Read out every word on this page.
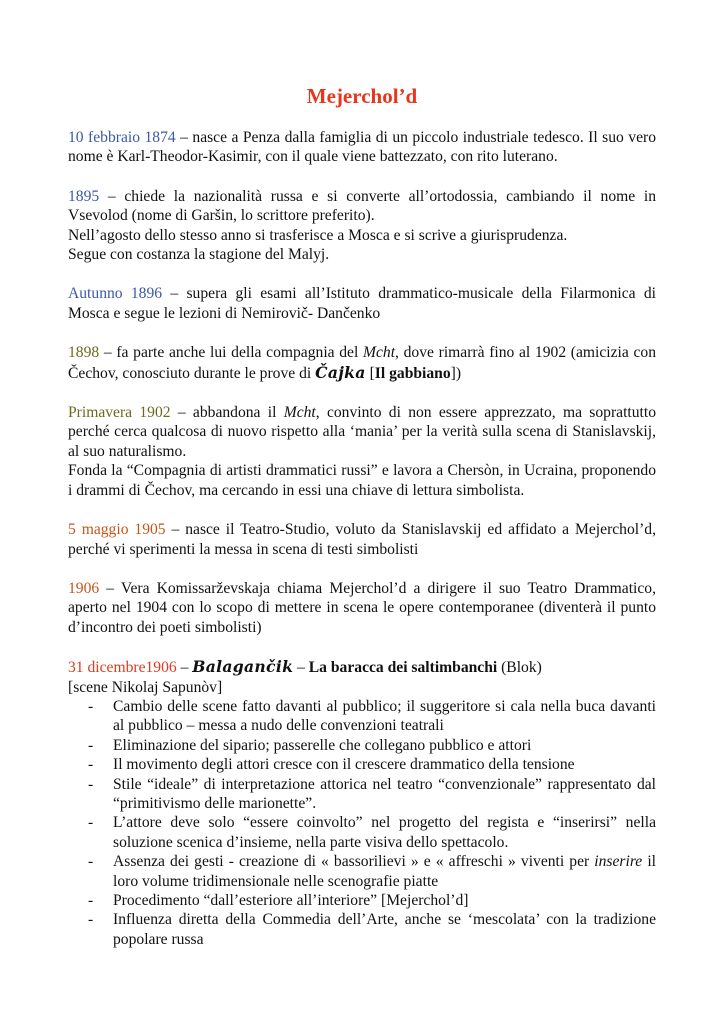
Mejerchol’d

10 febbraio 1874 – nasce a Penza dalla famiglia di un piccolo industriale tedesco. Il suo vero nome è Karl-Theodor-Kasimir, con il quale viene battezzato, con rito luterano.

1895 – chiede la nazionalità russa e si converte all’ortodossia, cambiando il nome in Vsevolod (nome di Garšin, lo scrittore preferito).

Nell’agosto dello stesso anno si trasferisce a Mosca e si scrive a giurisprudenza.

Segue con costanza la stagione del Malyj.

Autunno 1896 – supera gli esami all’Istituto drammatico-musicale della Filarmonica di Mosca e segue le lezioni di Nemirovič- Dančenko

1898 – fa parte anche lui della compagnia del Mcht, dove rimarrà fino al 1902 (amicizia con Čechov, conosciuto durante le prove di Čajka [Il gabbiano])

Primavera 1902 – abbandona il Mcht, convinto di non essere apprezzato, ma soprattutto perché cerca qualcosa di nuovo rispetto alla ‘mania’ per la verità sulla scena di Stanislavskij, al suo naturalismo.

Fonda la “Compagnia di artisti drammatici russi” e lavora a Chersòn, in Ucraina, proponendo i drammi di Čechov, ma cercando in essi una chiave di lettura simbolista.

5 maggio 1905 – nasce il Teatro-Studio, voluto da Stanislavskij ed affidato a Mejerchol’d, perché vi sperimenti la messa in scena di testi simbolisti

1906 – Vera Komissarževskaja chiama Mejerchol’d a dirigere il suo Teatro Drammatico, aperto nel 1904 con lo scopo di mettere in scena le opere contemporanee (diventerà il punto d’incontro dei poeti simbolisti)

31 dicembre1906 – Balagančik – La baracca dei saltimbanchi (Blok)

[scene Nikolaj Sapunòv]

- Cambio delle scene fatto davanti al pubblico; il suggeritore si cala nella buca davanti al pubblico – messa a nudo delle convenzioni teatrali
- Eliminazione del sipario; passerelle che collegano pubblico e attori
- Il movimento degli attori cresce con il crescere drammatico della tensione
- Stile “ideale” di interpretazione attorica nel teatro “convenzionale” rappresentato dal “primitivismo delle marionette”.
- L’attore deve solo “essere coinvolto” nel progetto del regista e “inserirsi” nella soluzione scenica d’insieme, nella parte visiva dello spettacolo.
- Assenza dei gesti - creazione di « bassorilievi » e « affreschi » viventi per inserire il loro volume tridimensionale nelle scenografie piatte
- Procedimento “dall’esteriore all’interiore” [Mejerchol’d]
- Influenza diretta della Commedia dell’Arte, anche se ‘mescolata’ con la tradizione popolare russa
